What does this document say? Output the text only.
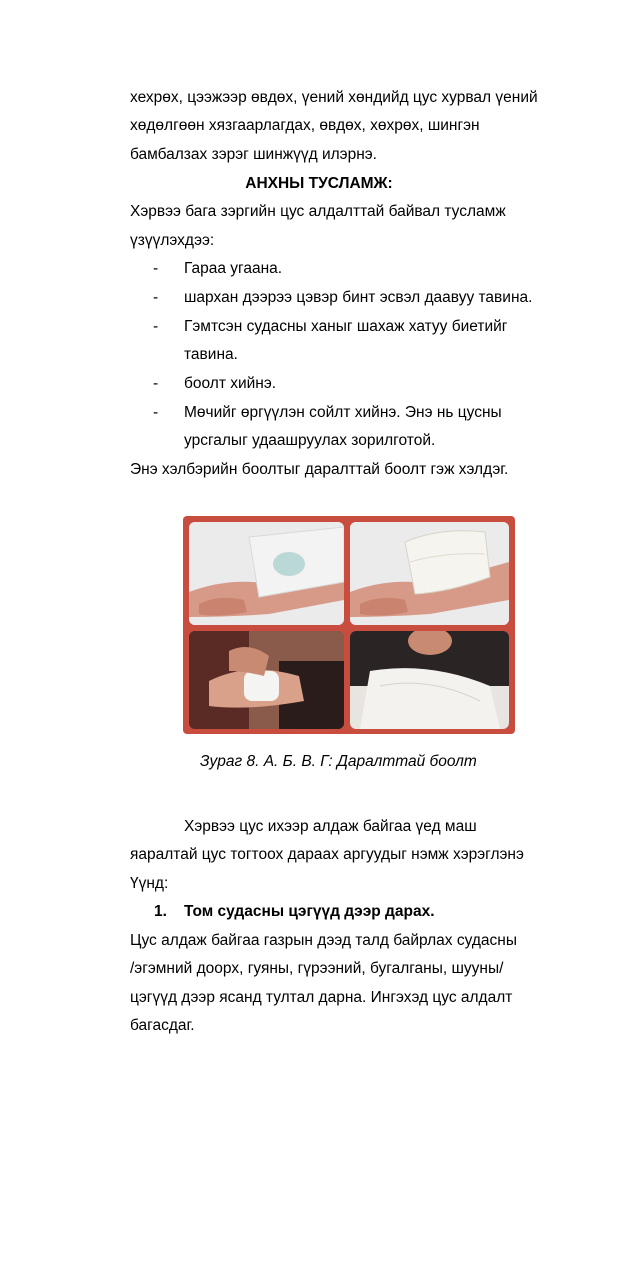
хехрөх, цээжээр өвдөх, үений хөндийд цус хурвал үений
хөдөлгөөн хязгаарлагдах, өвдөх, хөхрөх, шингэн
бамбалзах зэрэг шинжүүд илэрнэ.
АНХНЫ ТУСЛАМЖ:
Хэрвээ бага зэргийн цус алдалттай байвал тусламж
үзүүлэхдээ:
- Гараа угаана.
- шархан дээрээ цэвэр бинт эсвэл даавуу тавина.
- Гэмтсэн судасны ханыг шахаж хатуу биетийг
тавина.
- боолт хийнэ.
- Мөчийг өргүүлэн сойлт хийнэ. Энэ нь цусны
урсгалыг удаашруулах зорилготой.
Энэ хэлбэрийн боолтыг даралттай боолт гэж хэлдэг.
Зураг 8. А. Б. В. Г: Даралттай боолт
Хэрвээ цус ихээр алдаж байгаа үед маш
яаралтай цус тогтоох дараах аргуудыг нэмж хэрэглэнэ
Үүнд:
1. Том судасны цэгүүд дээр дарах.
Цус алдаж байгаа газрын дээд талд байрлах судасны
/эгэмний доорх, гуяны, гүрээний, бугалганы, шууны/
цэгүүд дээр ясанд тултал дарна. Ингэхэд цус алдалт
багасдаг.
